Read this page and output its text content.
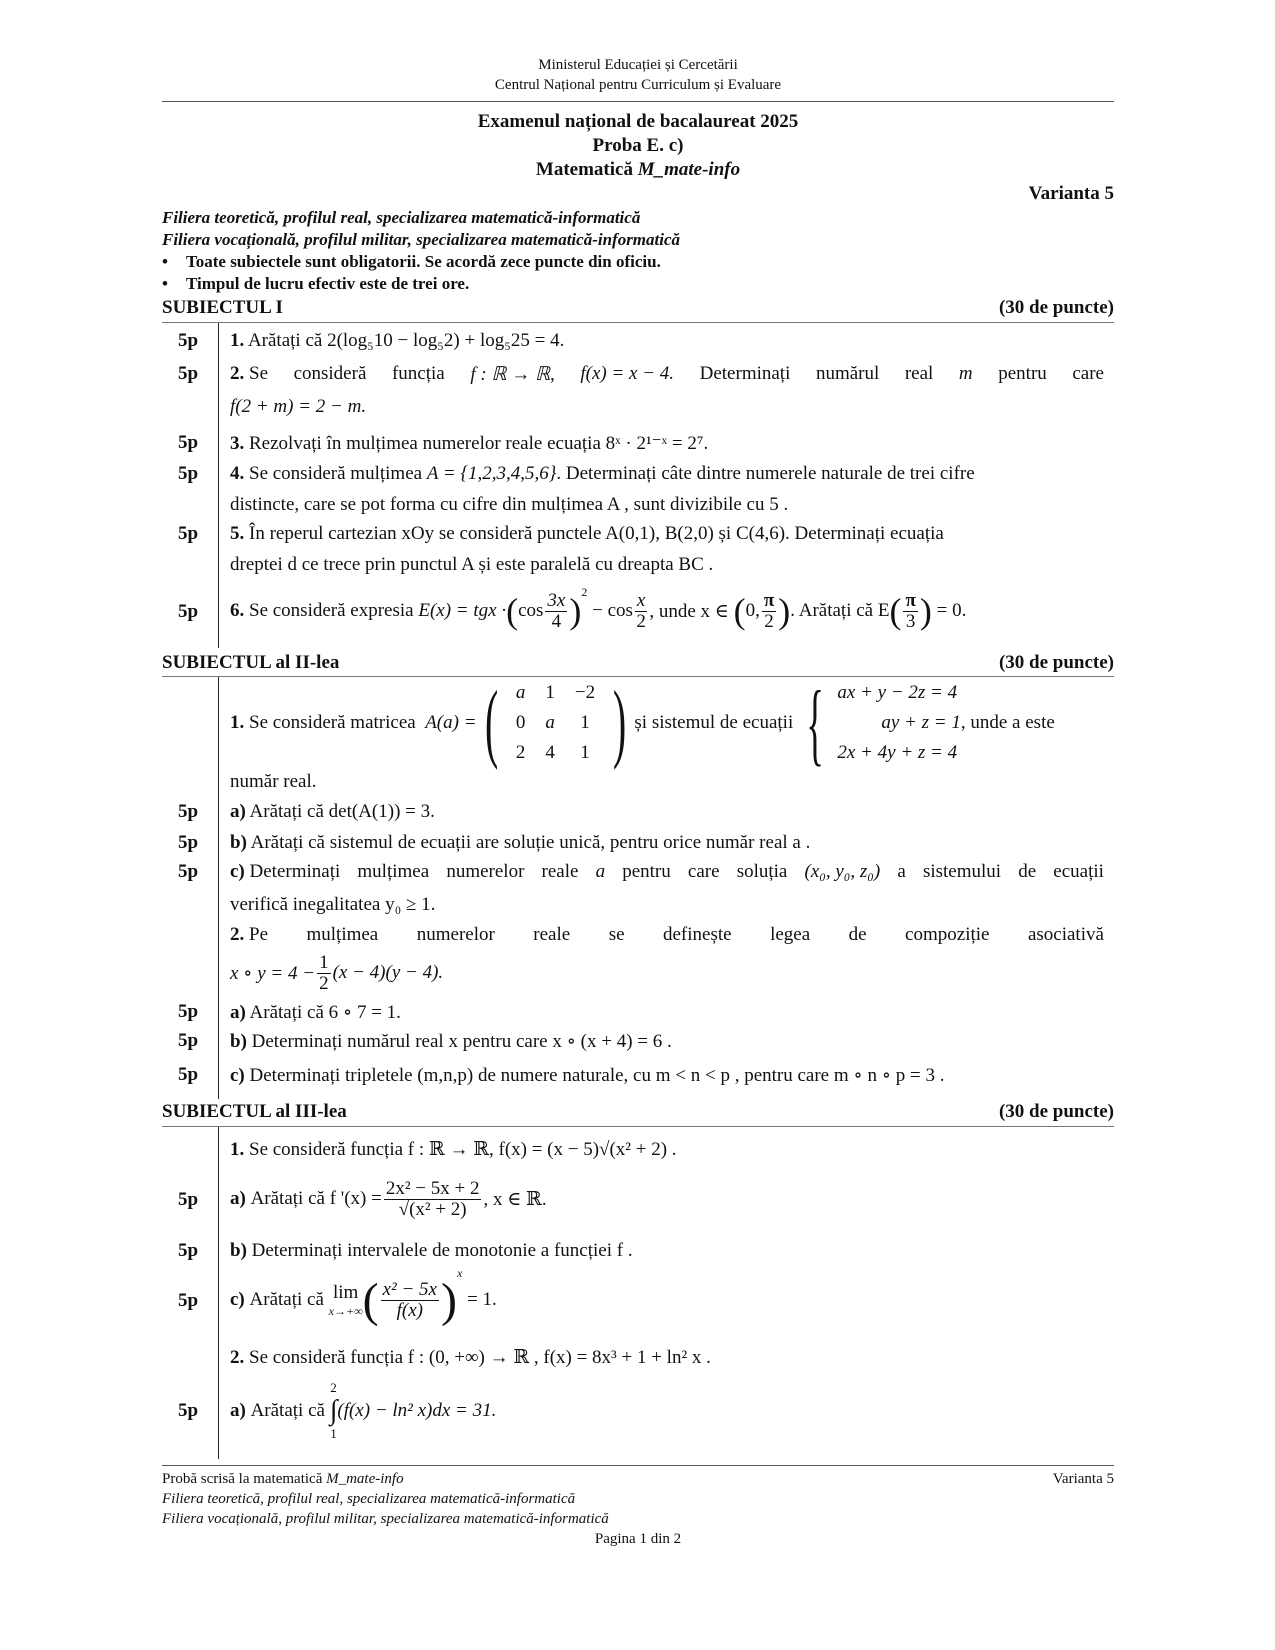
Ministerul Educației și Cercetării
Centrul Național pentru Curriculum și Evaluare
Examenul național de bacalaureat 2025
Proba E. c)
Matematică M_mate-info
Varianta 5
Filiera teoretică, profilul real, specializarea matematică-informatică
Filiera vocațională, profilul militar, specializarea matematică-informatică
• Toate subiectele sunt obligatorii. Se acordă zece puncte din oficiu.
• Timpul de lucru efectiv este de trei ore.
SUBIECTUL I	(30 de puncte)
5p	1. Arătați că 2(log₅10 − log₅2) + log₅25 = 4.
5p	2. Se consideră funcția f : ℝ → ℝ, f(x) = x − 4. Determinați numărul real m pentru care
f(2 + m) = 2 − m.
5p	3. Rezolvați în mulțimea numerelor reale ecuația 8ˣ · 2¹⁻ˣ = 2⁷.
5p	4. Se consideră mulțimea A = {1,2,3,4,5,6}. Determinați câte dintre numerele naturale de trei cifre
distincte, care se pot forma cu cifre din mulțimea A , sunt divizibile cu 5 .
5p	5. În reperul cartezian xOy se consideră punctele A(0,1), B(2,0) și C(4,6). Determinați ecuația
dreptei d ce trece prin punctul A și este paralelă cu dreapta BC .
5p	6.
Se consideră expresia
E(x) = tgx · ( $\cos \frac{3x}{4} )^2$

− $\cos \frac{x}{2}$ , unde x ∈
( 0, $\frac{\pi}{2}$ ) . Arătați că E ( $\frac{\pi}{3}$ )
= 0.
SUBIECTUL al II-lea	(30 de puncte)
1.
Se consideră matricea
A(a) = ( a	1	−2
0	a	1
2	4	1 ) și sistemul de ecuații { ax + y − 2z = 4
ay + z = 1 , unde a este
2x + 4y + z = 4
număr real.
5p	a) Arătați că det(A(1)) = 3.
5p	b) Arătați că sistemul de ecuații are soluție unică, pentru orice număr real a .
5p	c) Determinați mulțimea numerelor reale a pentru care soluția (x₀, y₀, z₀) a sistemului de ecuații
verifică inegalitatea y₀ ≥ 1.
2. Pe mulțimea numerelor reale se definește legea de compoziție asociativă
x ∘ $y = 4 - \frac{1}{2} (x - 4)(y - 4)$.
5p	a) Arătați că 6 ∘ 7 = 1.
5p	b) Determinați numărul real x pentru care x ∘ (x + 4) = 6 .
5p	c) Determinați tripletele (m,n,p) de numere naturale, cu m < n < p , pentru care m ∘ n ∘ p = 3 .
SUBIECTUL al III-lea	(30 de puncte)
1. Se consideră funcția f : ℝ → ℝ, f(x) = (x − 5)√(x² + 2) .
5p	a)
Arătați că f '$(x) = \frac{\text{2x² − 5x + 2}}{\text{√(x² + 2)}}$ , x ∈ ℝ.
5p	b) Determinați intervalele de monotonie a funcției f .
5p	c)
Arătați că
lim
x→+∞ ( $\frac{\text{x² − 5x}}{f(x)}$ )
$^x$

= 1.
2. Se consideră funcția f : (0, +∞) → ℝ , f(x) = 8x³ + 1 + ln² x .
5p	a)
Arătați că

2
∫
1
(f(x) − ln² x)dx = 31.
Probă scrisă la matematică M_mate-info	Varianta 5
Filiera teoretică, profilul real, specializarea matematică-informatică
Filiera vocațională, profilul militar, specializarea matematică-informatică
Pagina 1 din 2
